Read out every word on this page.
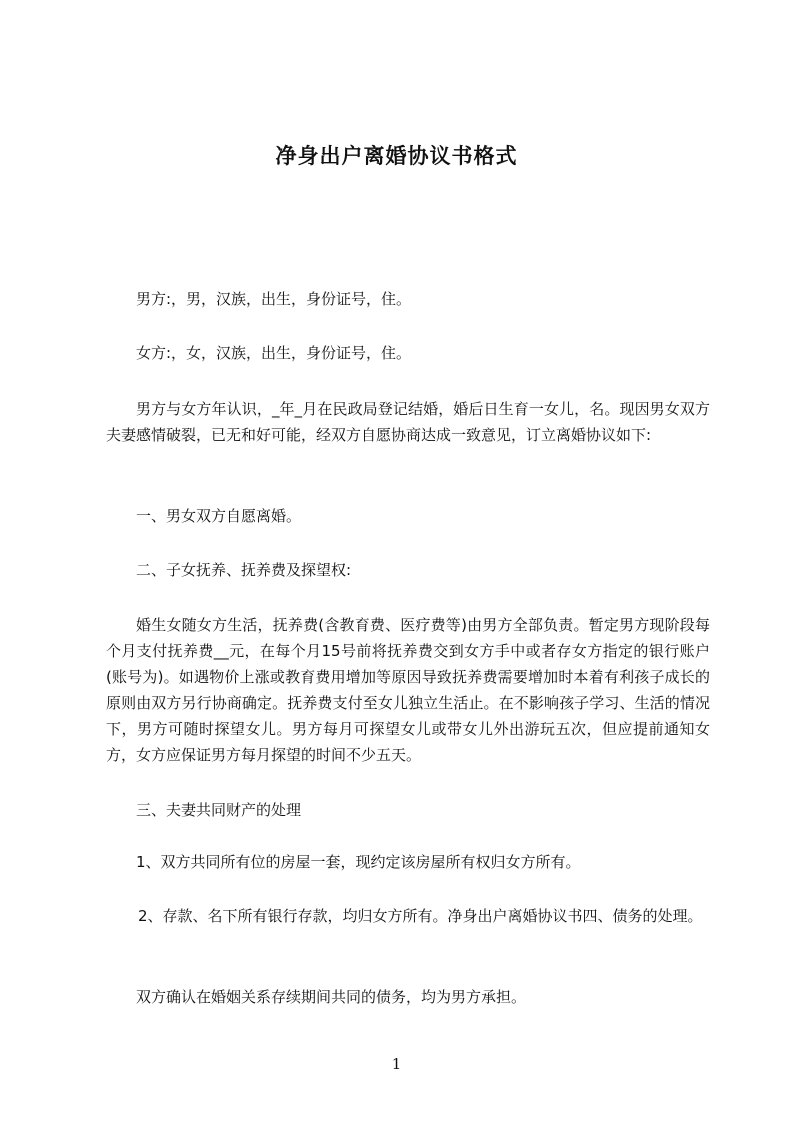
净身出户离婚协议书格式
男方:，男，汉族，出生，身份证号，住。
女方:，女，汉族，出生，身份证号，住。
男方与女方年认识，_年_月在民政局登记结婚，婚后日生育一女儿，名。现因男女双方夫妻感情破裂，已无和好可能，经双方自愿协商达成一致意见，订立离婚协议如下:
一、男女双方自愿离婚。
二、子女抚养、抚养费及探望权:
婚生女随女方生活，抚养费(含教育费、医疗费等)由男方全部负责。暂定男方现阶段每个月支付抚养费__元，在每个月15号前将抚养费交到女方手中或者存女方指定的银行账户(账号为)。如遇物价上涨或教育费用增加等原因导致抚养费需要增加时本着有利孩子成长的原则由双方另行协商确定。抚养费支付至女儿独立生活止。在不影响孩子学习、生活的情况下，男方可随时探望女儿。男方每月可探望女儿或带女儿外出游玩五次，但应提前通知女方，女方应保证男方每月探望的时间不少五天。
三、夫妻共同财产的处理
1、双方共同所有位的房屋一套，现约定该房屋所有权归女方所有。
2、存款、名下所有银行存款，均归女方所有。净身出户离婚协议书四、债务的处理。
双方确认在婚姻关系存续期间共同的债务，均为男方承担。
1
